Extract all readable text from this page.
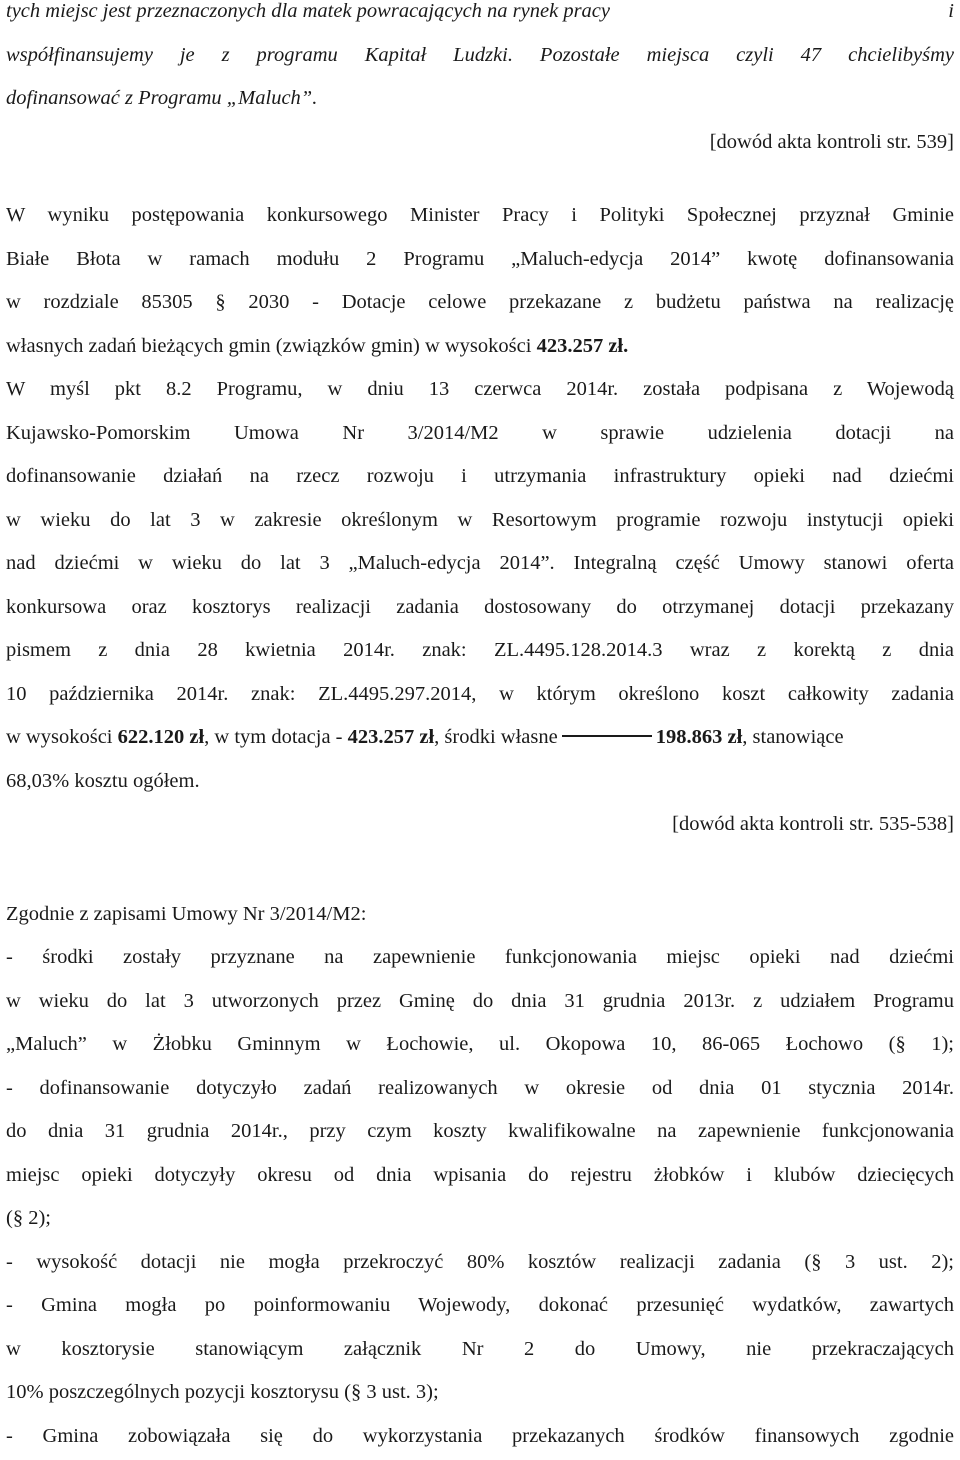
tych miejsc jest przeznaczonych dla matek powracających na rynek pracy	i
współfinansujemy je z programu Kapitał Ludzki. Pozostałe miejsca czyli 47 chcielibyśmy
dofinansować z Programu „Maluch”.
[dowód akta kontroli str. 539]
W wyniku postępowania konkursowego Minister Pracy i Polityki Społecznej przyznał Gminie
Białe Błota w ramach modułu 2 Programu „Maluch-edycja 2014” kwotę dofinansowania
w rozdziale 85305 § 2030 - Dotacje celowe przekazane z budżetu państwa na realizację
własnych zadań bieżących gmin (związków gmin) w wysokości 423.257 zł.
W myśl pkt 8.2 Programu, w dniu 13 czerwca 2014r. została podpisana z Wojewodą
Kujawsko-Pomorskim Umowa Nr 3/2014/M2 w sprawie udzielenia dotacji na
dofinansowanie działań na rzecz rozwoju i utrzymania infrastruktury opieki nad dziećmi
w wieku do lat 3 w zakresie określonym w Resortowym programie rozwoju instytucji opieki
nad dziećmi w wieku do lat 3 „Maluch-edycja 2014”. Integralną część Umowy stanowi oferta
konkursowa oraz kosztorys realizacji zadania dostosowany do otrzymanej dotacji przekazany
pismem z dnia 28 kwietnia 2014r. znak: ZL.4495.128.2014.3 wraz z korektą z dnia
10 października 2014r. znak: ZL.4495.297.2014, w którym określono koszt całkowity zadania
w wysokości 622.120 zł, w tym dotacja - 423.257 zł, środki własne	198.863 zł, stanowiące
68,03% kosztu ogółem.
[dowód akta kontroli str. 535-538]
Zgodnie z zapisami Umowy Nr 3/2014/M2:
- środki zostały przyznane na zapewnienie funkcjonowania miejsc opieki nad dziećmi
w wieku do lat 3 utworzonych przez Gminę do dnia 31 grudnia 2013r. z udziałem Programu
„Maluch” w Żłobku Gminnym w Łochowie, ul. Okopowa 10, 86-065 Łochowo (§ 1);
- dofinansowanie dotyczyło zadań realizowanych w okresie od dnia 01 stycznia 2014r.
do dnia 31 grudnia 2014r., przy czym koszty kwalifikowalne na zapewnienie funkcjonowania
miejsc opieki dotyczyły okresu od dnia wpisania do rejestru żłobków i klubów dziecięcych
(§ 2);
- wysokość dotacji nie mogła przekroczyć 80% kosztów realizacji zadania (§ 3 ust. 2);
- Gmina mogła po poinformowaniu Wojewody, dokonać przesunięć wydatków, zawartych
w kosztorysie stanowiącym załącznik Nr 2 do Umowy, nie przekraczających
10% poszczególnych pozycji kosztorysu (§ 3 ust. 3);
- Gmina zobowiązała się do wykorzystania przekazanych środków finansowych zgodnie
